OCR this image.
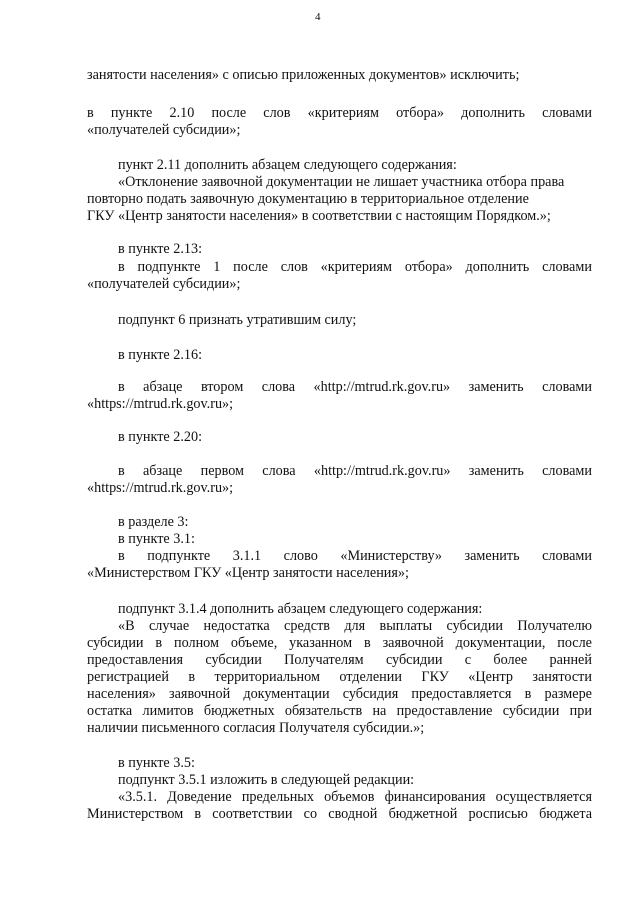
4
занятости населения» с описью приложенных документов» исключить;
в пункте 2.10 после слов «критериям отбора» дополнить словами
«получателей субсидии»;
пункт 2.11 дополнить абзацем следующего содержания:
«Отклонение заявочной документации не лишает участника отбора права
повторно подать заявочную документацию в территориальное отделение
ГКУ «Центр занятости населения» в соответствии с настоящим Порядком.»;
в пункте 2.13:
в подпункте 1 после слов «критериям отбора» дополнить словами
«получателей субсидии»;
подпункт 6 признать утратившим силу;
в пункте 2.16:
в абзаце втором слова «http://mtrud.rk.gov.ru» заменить словами
«https://mtrud.rk.gov.ru»;
в пункте 2.20:
в абзаце первом слова «http://mtrud.rk.gov.ru» заменить словами
«https://mtrud.rk.gov.ru»;
в разделе 3:
в пункте 3.1:
в подпункте 3.1.1 слово «Министерству» заменить словами
«Министерством ГКУ «Центр занятости населения»;
подпункт 3.1.4 дополнить абзацем следующего содержания:
«В случае недостатка средств для выплаты субсидии Получателю
субсидии в полном объеме, указанном в заявочной документации, после
предоставления субсидии Получателям субсидии с более ранней
регистрацией в территориальном отделении ГКУ «Центр занятости
населения» заявочной документации субсидия предоставляется в размере
остатка лимитов бюджетных обязательств на предоставление субсидии при
наличии письменного согласия Получателя субсидии.»;
в пункте 3.5:
подпункт 3.5.1 изложить в следующей редакции:
«3.5.1. Доведение предельных объемов финансирования осуществляется
Министерством в соответствии со сводной бюджетной росписью бюджета
